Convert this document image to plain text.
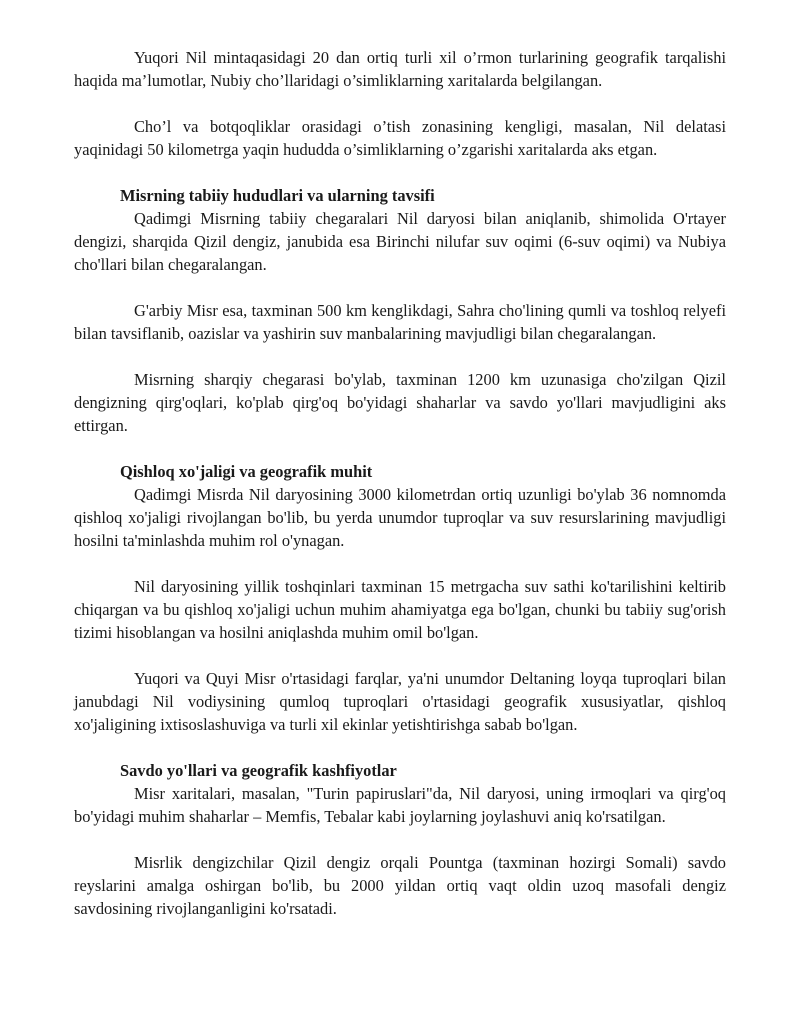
Yuqori Nil mintaqasidagi 20 dan ortiq turli xil o’rmon turlarining geografik tarqalishi haqida ma’lumotlar, Nubiy cho’llaridagi o’simliklarning xaritalarda belgilangan.

Cho’l va botqoqliklar orasidagi o’tish zonasining kengligi, masalan, Nil delatasi yaqinidagi 50 kilometrga yaqin hududda o’simliklarning o’zgarishi xaritalarda aks etgan.

Misrning tabiiy hududlari va ularning tavsifi

Qadimgi Misrning tabiiy chegaralari Nil daryosi bilan aniqlanib, shimolida O'rtayer dengizi, sharqida Qizil dengiz, janubida esa Birinchi nilufar suv oqimi (6-suv oqimi) va Nubiya cho'llari bilan chegaralangan.

G'arbiy Misr esa, taxminan 500 km kenglikdagi, Sahra cho'lining qumli va toshloq relyefi bilan tavsiflanib, oazislar va yashirin suv manbalarining mavjudligi bilan chegaralangan.

Misrning sharqiy chegarasi bo'ylab, taxminan 1200 km uzunasiga cho'zilgan Qizil dengizning qirg'oqlari, ko'plab qirg'oq bo'yidagi shaharlar va savdo yo'llari mavjudligini aks ettirgan.

Qishloq xo'jaligi va geografik muhit

Qadimgi Misrda Nil daryosining 3000 kilometrdan ortiq uzunligi bo'ylab 36 nomnomda qishloq xo'jaligi rivojlangan bo'lib, bu yerda unumdor tuproqlar va suv resurslarining mavjudligi hosilni ta'minlashda muhim rol o'ynagan.

Nil daryosining yillik toshqinlari taxminan 15 metrgacha suv sathi ko'tarilishini keltirib chiqargan va bu qishloq xo'jaligi uchun muhim ahamiyatga ega bo'lgan, chunki bu tabiiy sug'orish tizimi hisoblangan va hosilni aniqlashda muhim omil bo'lgan.

Yuqori va Quyi Misr o'rtasidagi farqlar, ya'ni unumdor Deltaning loyqa tuproqlari bilan janubdagi Nil vodiysining qumloq tuproqlari o'rtasidagi geografik xususiyatlar, qishloq xo'jaligining ixtisoslashuviga va turli xil ekinlar yetishtirishga sabab bo'lgan.

Savdo yo'llari va geografik kashfiyotlar

Misr xaritalari, masalan, "Turin papiruslari"da, Nil daryosi, uning irmoqlari va qirg'oq bo'yidagi muhim shaharlar – Memfis, Tebalar kabi joylarning joylashuvi aniq ko'rsatilgan.

Misrlik dengizchilar Qizil dengiz orqali Pountga (taxminan hozirgi Somali) savdo reyslarini amalga oshirgan bo'lib, bu 2000 yildan ortiq vaqt oldin uzoq masofali dengiz savdosining rivojlanganligini ko'rsatadi.
